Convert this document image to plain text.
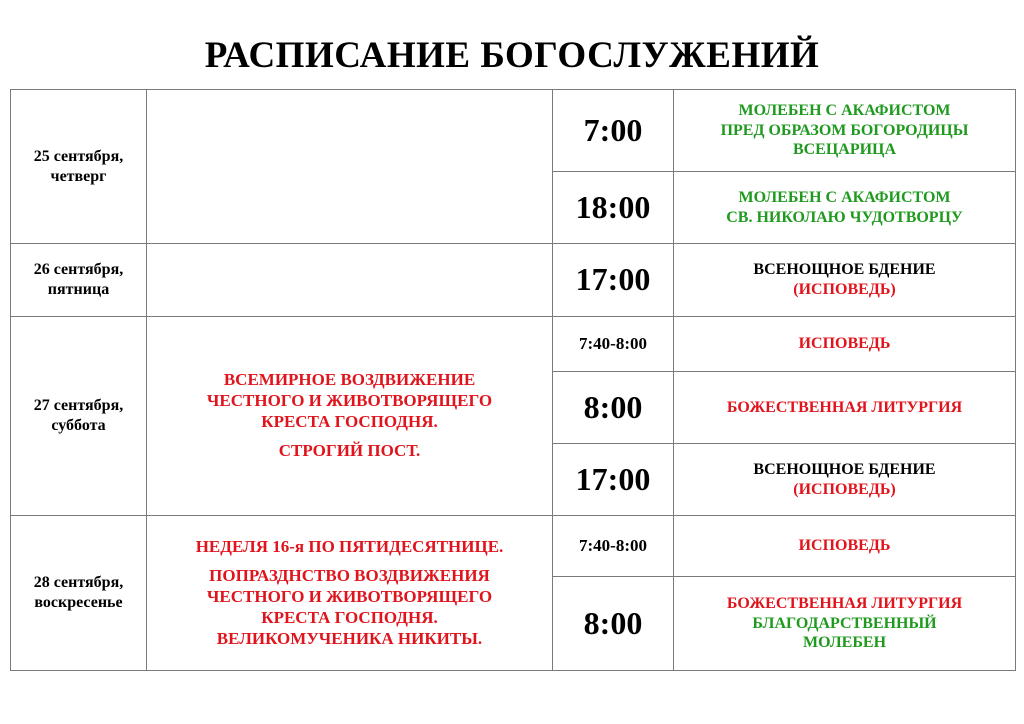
РАСПИСАНИЕ БОГОСЛУЖЕНИЙ
25 сентября,
четверг		7:00	МОЛЕБЕН С АКАФИСТОМ
ПРЕД ОБРАЗОМ БОГОРОДИЦЫ
ВСЕЦАРИЦА

		18:00	МОЛЕБЕН С АКАФИСТОМ
СВ. НИКОЛАЮ ЧУДОТВОРЦУ

26 сентября,
пятница		17:00	ВСЕНОЩНОЕ БДЕНИЕ
(ИСПОВЕДЬ)

27 сентября,
суббота	ВСЕМИРНОЕ ВОЗДВИЖЕНИЕ
ЧЕСТНОГО И ЖИВОТВОРЯЩЕГО
КРЕСТА ГОСПОДНЯ.
СТРОГИЙ ПОСТ.	7:40-8:00	ИСПОВЕДЬ

		8:00	БОЖЕСТВЕННАЯ ЛИТУРГИЯ

		17:00	ВСЕНОЩНОЕ БДЕНИЕ
(ИСПОВЕДЬ)

28 сентября,
воскресенье	НЕДЕЛЯ 16-я ПО ПЯТИДЕСЯТНИЦЕ.
ПОПРАЗДНСТВО ВОЗДВИЖЕНИЯ
ЧЕСТНОГО И ЖИВОТВОРЯЩЕГО
КРЕСТА ГОСПОДНЯ.
ВЕЛИКОМУЧЕНИКА НИКИТЫ.	7:40-8:00	ИСПОВЕДЬ

		8:00	БОЖЕСТВЕННАЯ ЛИТУРГИЯ
БЛАГОДАРСТВЕННЫЙ
МОЛЕБЕН
